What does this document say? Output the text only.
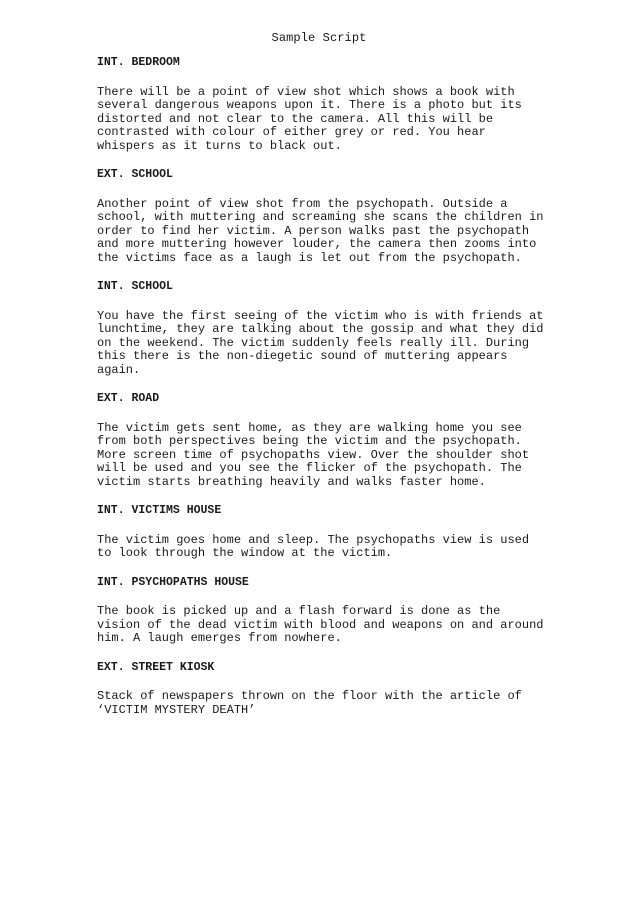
Sample Script
INT. BEDROOM
There will be a point of view shot which shows a book with
several dangerous weapons upon it. There is a photo but its
distorted and not clear to the camera. All this will be
contrasted with colour of either grey or red. You hear
whispers as it turns to black out.
EXT. SCHOOL
Another point of view shot from the psychopath. Outside a
school, with muttering and screaming she scans the children in
order to find her victim. A person walks past the psychopath
and more muttering however louder, the camera then zooms into
the victims face as a laugh is let out from the psychopath.
INT. SCHOOL
You have the first seeing of the victim who is with friends at
lunchtime, they are talking about the gossip and what they did
on the weekend. The victim suddenly feels really ill. During
this there is the non-diegetic sound of muttering appears
again.
EXT. ROAD
The victim gets sent home, as they are walking home you see
from both perspectives being the victim and the psychopath.
More screen time of psychopaths view. Over the shoulder shot
will be used and you see the flicker of the psychopath. The
victim starts breathing heavily and walks faster home.
INT. VICTIMS HOUSE
The victim goes home and sleep. The psychopaths view is used
to look through the window at the victim.
INT. PSYCHOPATHS HOUSE
The book is picked up and a flash forward is done as the
vision of the dead victim with blood and weapons on and around
him. A laugh emerges from nowhere.
EXT. STREET KIOSK
Stack of newspapers thrown on the floor with the article of
‘VICTIM MYSTERY DEATH’
